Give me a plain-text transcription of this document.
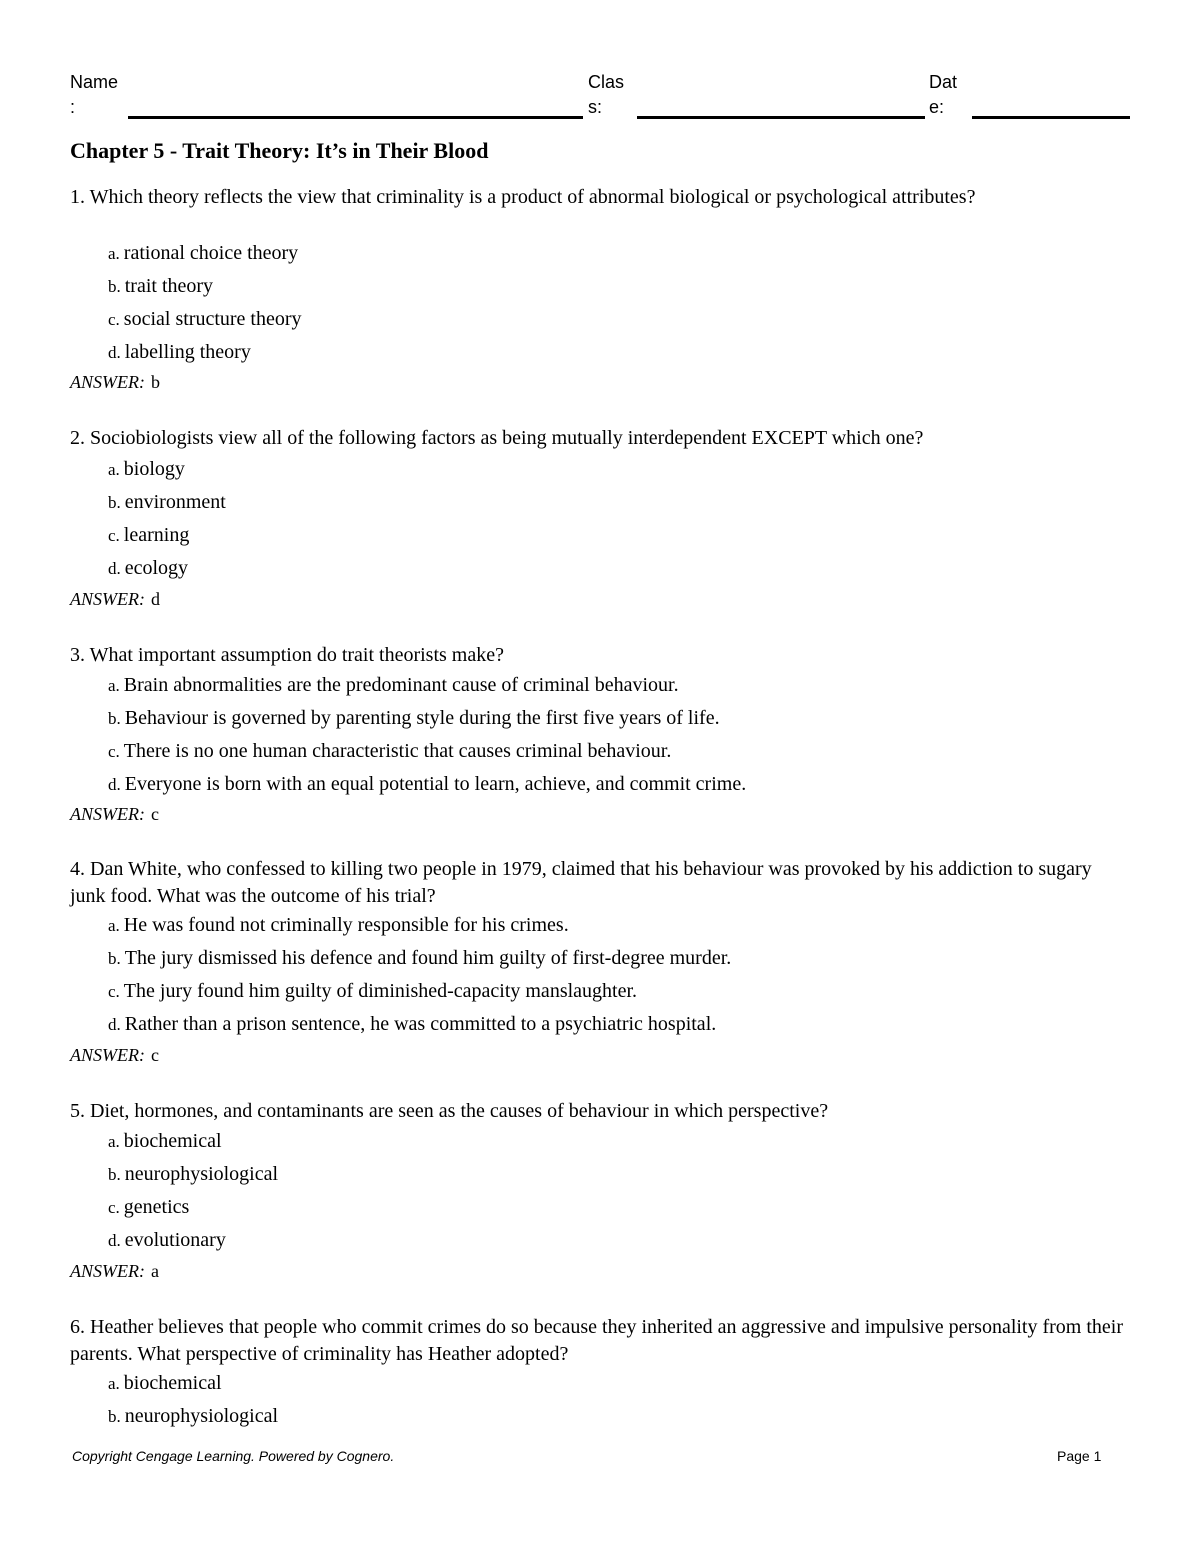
Name
:
Clas
s:
Dat
e:
Chapter 5 - Trait Theory: It’s in Their Blood
1. Which theory reflects the view that criminality is a product of abnormal biological or psychological attributes?
a. rational choice theory
b. trait theory
c. social structure theory
d. labelling theory
ANSWER: b
2. Sociobiologists view all of the following factors as being mutually interdependent EXCEPT which one?
a. biology
b. environment
c. learning
d. ecology
ANSWER: d
3. What important assumption do trait theorists make?
a. Brain abnormalities are the predominant cause of criminal behaviour.
b. Behaviour is governed by parenting style during the first five years of life.
c. There is no one human characteristic that causes criminal behaviour.
d. Everyone is born with an equal potential to learn, achieve, and commit crime.
ANSWER: c
4. Dan White, who confessed to killing two people in 1979, claimed that his behaviour was provoked by his addiction to sugary junk food. What was the outcome of his trial?
a. He was found not criminally responsible for his crimes.
b. The jury dismissed his defence and found him guilty of first-degree murder.
c. The jury found him guilty of diminished-capacity manslaughter.
d. Rather than a prison sentence, he was committed to a psychiatric hospital.
ANSWER: c
5. Diet, hormones, and contaminants are seen as the causes of behaviour in which perspective?
a. biochemical
b. neurophysiological
c. genetics
d. evolutionary
ANSWER: a
6. Heather believes that people who commit crimes do so because they inherited an aggressive and impulsive personality from their parents. What perspective of criminality has Heather adopted?
a. biochemical
b. neurophysiological
Copyright Cengage Learning. Powered by Cognero.	Page 1
